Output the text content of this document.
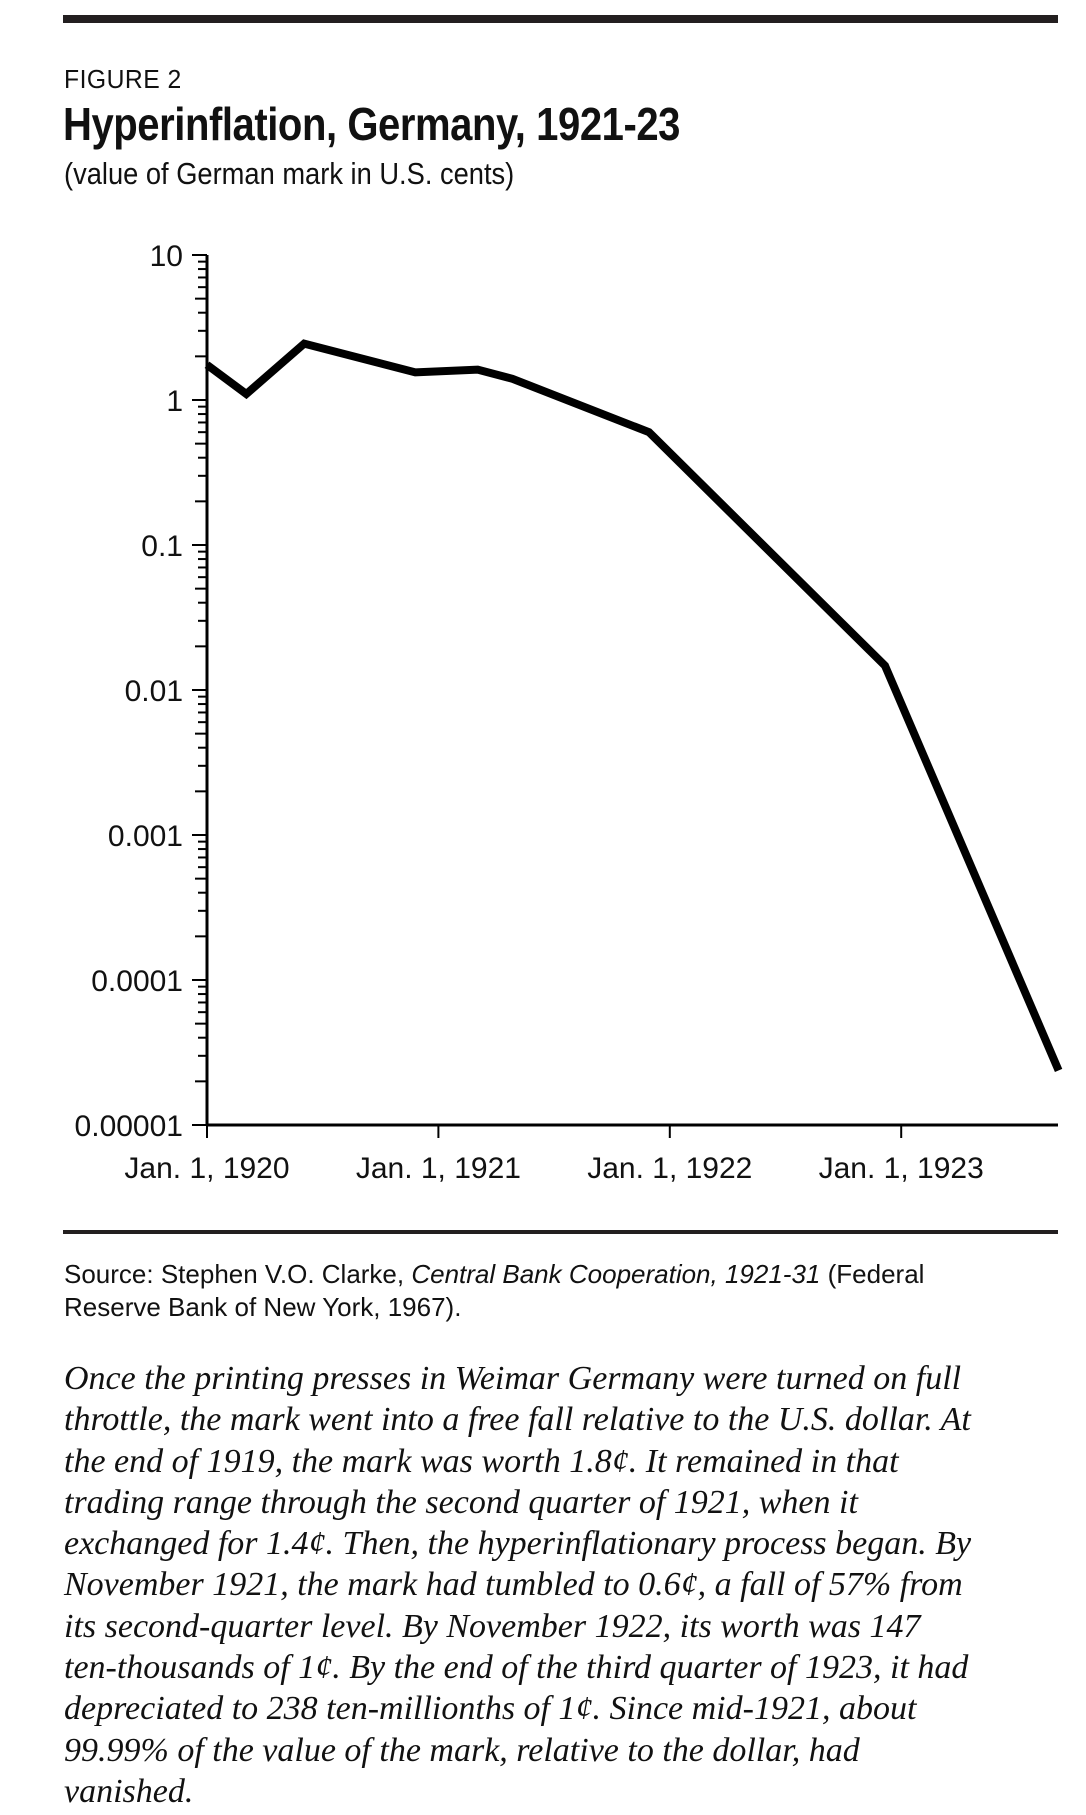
FIGURE 2
Hyperinflation, Germany, 1921-23
(value of German mark in U.S. cents)
10
1
0.1
0.01
0.001
0.0001
0.00001
Jan. 1, 1920 Jan. 1, 1921 Jan. 1, 1922 Jan. 1, 1923
Source: Stephen V.O. Clarke, Central Bank Cooperation, 1921-31 (Federal
Reserve Bank of New York, 1967).
Once the printing presses in Weimar Germany were turned on full
throttle, the mark went into a free fall relative to the U.S. dollar. At
the end of 1919, the mark was worth 1.8¢. It remained in that
trading range through the second quarter of 1921, when it
exchanged for 1.4¢. Then, the hyperinflationary process began. By
November 1921, the mark had tumbled to 0.6¢, a fall of 57% from
its second-quarter level. By November 1922, its worth was 147
ten-thousands of 1¢. By the end of the third quarter of 1923, it had
depreciated to 238 ten-millionths of 1¢. Since mid-1921, about
99.99% of the value of the mark, relative to the dollar, had
vanished.
